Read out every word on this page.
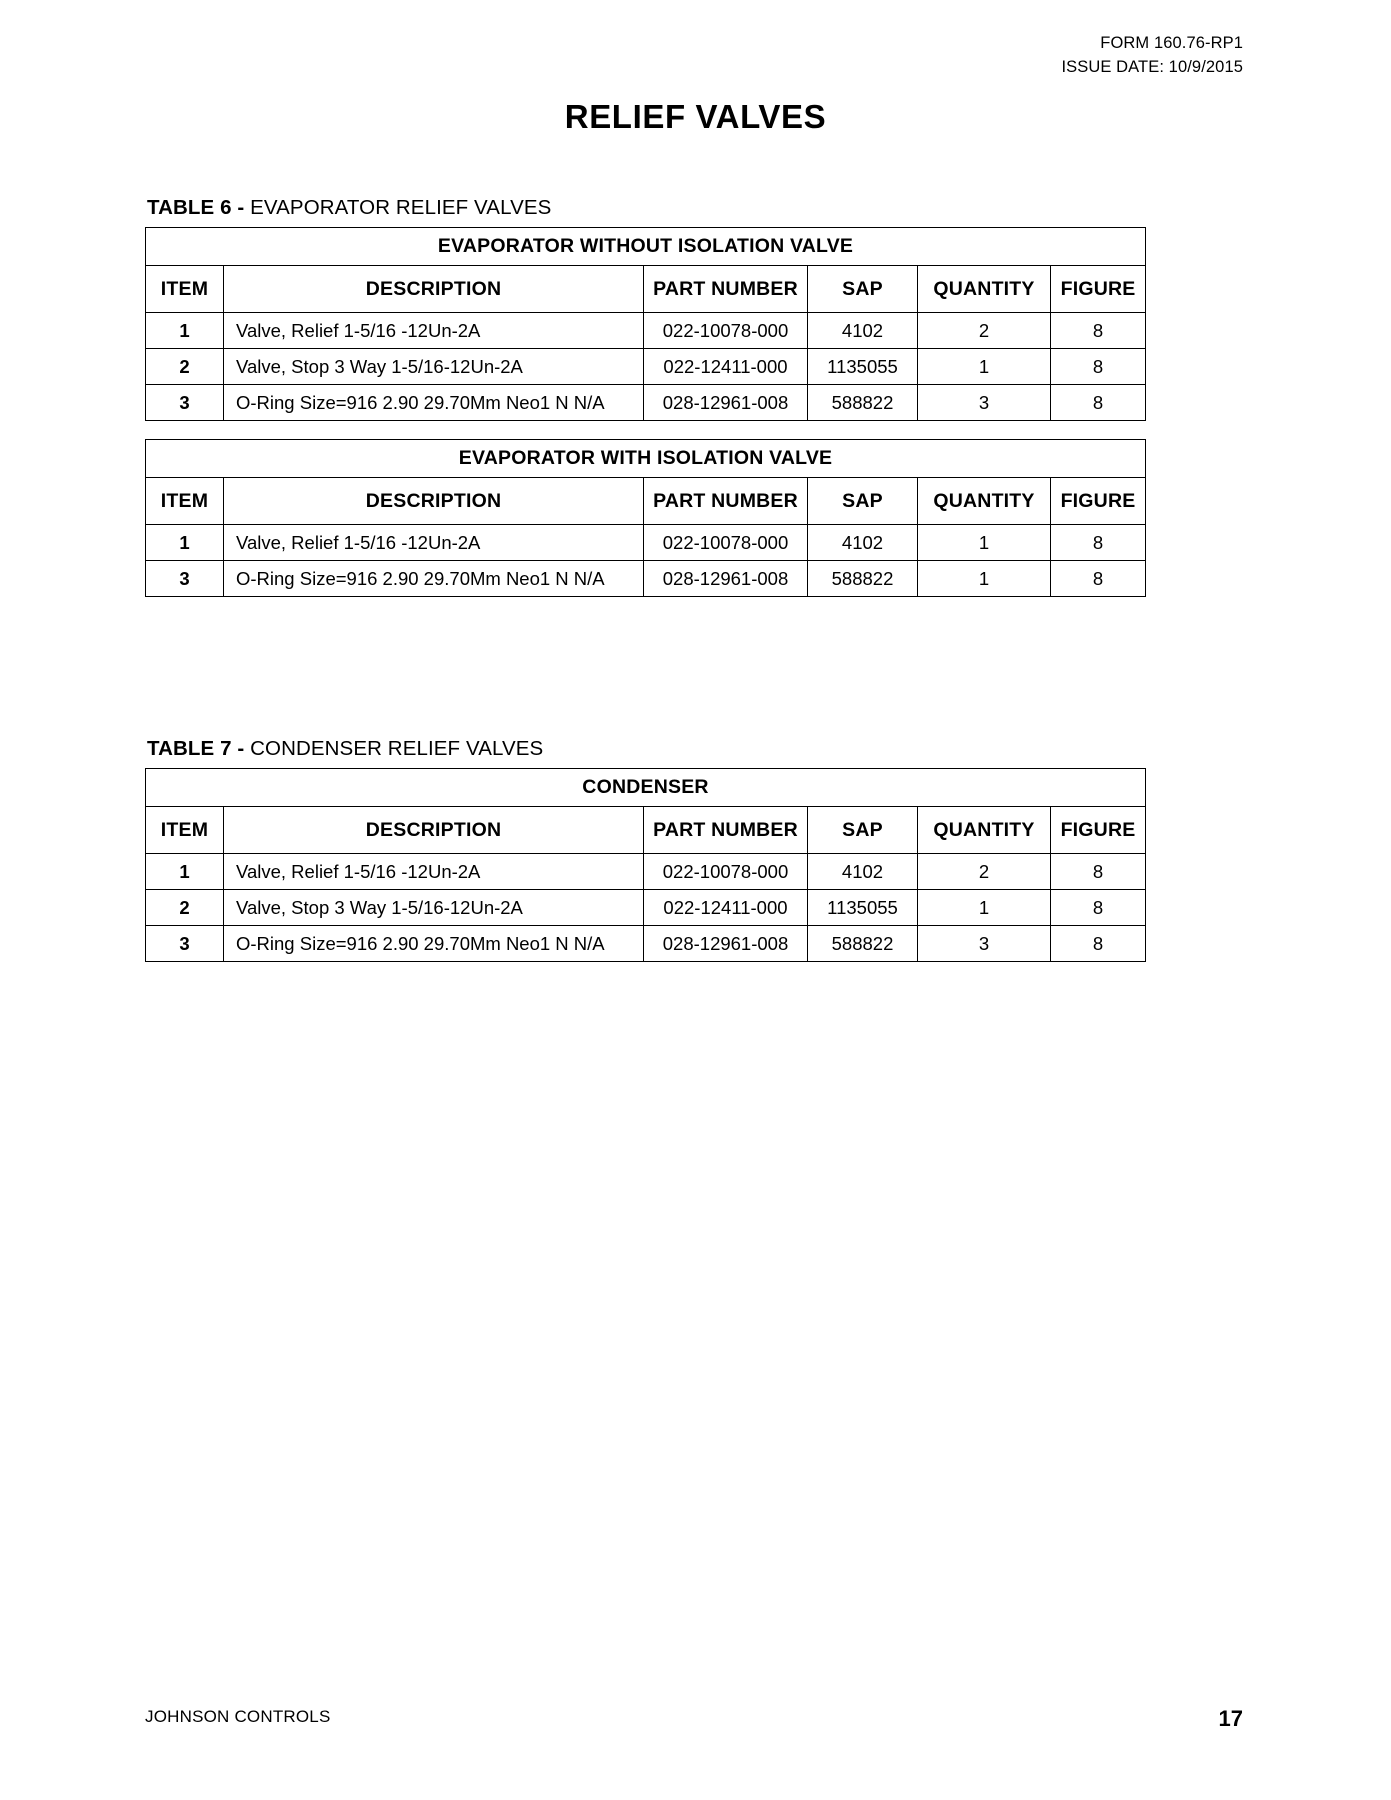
FORM 160.76-RP1
ISSUE DATE: 10/9/2015
RELIEF VALVES
TABLE 6 - EVAPORATOR RELIEF VALVES
EVAPORATOR WITHOUT ISOLATION VALVE					
ITEM	DESCRIPTION	PART NUMBER	SAP	QUANTITY	FIGURE
1	Valve, Relief 1-5/16 -12Un-2A	022-10078-000	4102	2	8
2	Valve, Stop 3 Way 1-5/16-12Un-2A	022-12411-000	1135055	1	8
3	O-Ring Size=916 2.90 29.70Mm Neo1 N N/A	028-12961-008	588822	3	8
EVAPORATOR WITH ISOLATION VALVE					
ITEM	DESCRIPTION	PART NUMBER	SAP	QUANTITY	FIGURE
1	Valve, Relief 1-5/16 -12Un-2A	022-10078-000	4102	1	8
3	O-Ring Size=916 2.90 29.70Mm Neo1 N N/A	028-12961-008	588822	1	8
TABLE 7 - CONDENSER RELIEF VALVES
CONDENSER					
ITEM	DESCRIPTION	PART NUMBER	SAP	QUANTITY	FIGURE
1	Valve, Relief 1-5/16 -12Un-2A	022-10078-000	4102	2	8
2	Valve, Stop 3 Way 1-5/16-12Un-2A	022-12411-000	1135055	1	8
3	O-Ring Size=916 2.90 29.70Mm Neo1 N N/A	028-12961-008	588822	3	8
JOHNSON CONTROLS	17
